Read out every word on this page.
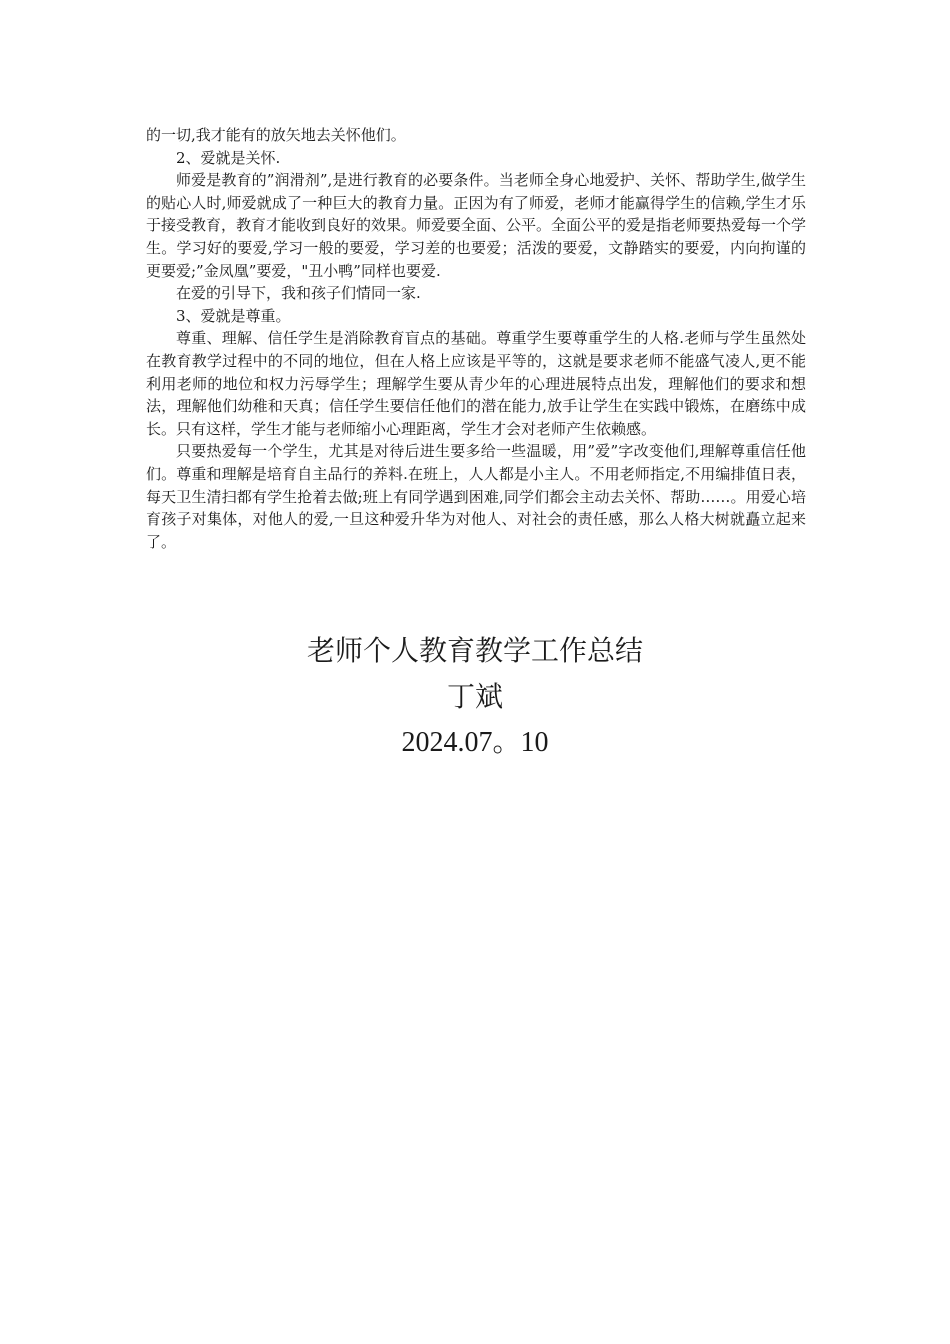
的一切,我才能有的放矢地去关怀他们。

2、爱就是关怀.

师爱是教育的”润滑剂”,是进行教育的必要条件。当老师全身心地爱护、关怀、帮助学生,做学生的贴心人时,师爱就成了一种巨大的教育力量。正因为有了师爱，老师才能赢得学生的信赖,学生才乐于接受教育，教育才能收到良好的效果。师爱要全面、公平。全面公平的爱是指老师要热爱每一个学生。学习好的要爱,学习一般的要爱，学习差的也要爱；活泼的要爱，文静踏实的要爱，内向拘谨的更要爱;”金凤凰”要爱，"丑小鸭”同样也要爱.

在爱的引导下，我和孩子们情同一家.

3、爱就是尊重。

尊重、理解、信任学生是消除教育盲点的基础。尊重学生要尊重学生的人格.老师与学生虽然处在教育教学过程中的不同的地位，但在人格上应该是平等的，这就是要求老师不能盛气凌人,更不能利用老师的地位和权力污辱学生；理解学生要从青少年的心理进展特点出发，理解他们的要求和想法，理解他们幼稚和天真；信任学生要信任他们的潜在能力,放手让学生在实践中锻炼，在磨练中成长。只有这样，学生才能与老师缩小心理距离，学生才会对老师产生依赖感。

只要热爱每一个学生，尤其是对待后进生要多给一些温暖，用”爱”字改变他们,理解尊重信任他们。尊重和理解是培育自主品行的养料.在班上，人人都是小主人。不用老师指定,不用编排值日表，每天卫生清扫都有学生抢着去做;班上有同学遇到困难,同学们都会主动去关怀、帮助……。用爱心培育孩子对集体，对他人的爱,一旦这种爱升华为对他人、对社会的责任感，那么人格大树就矗立起来了。

老师个人教育教学工作总结
丁斌
2024.07。10
